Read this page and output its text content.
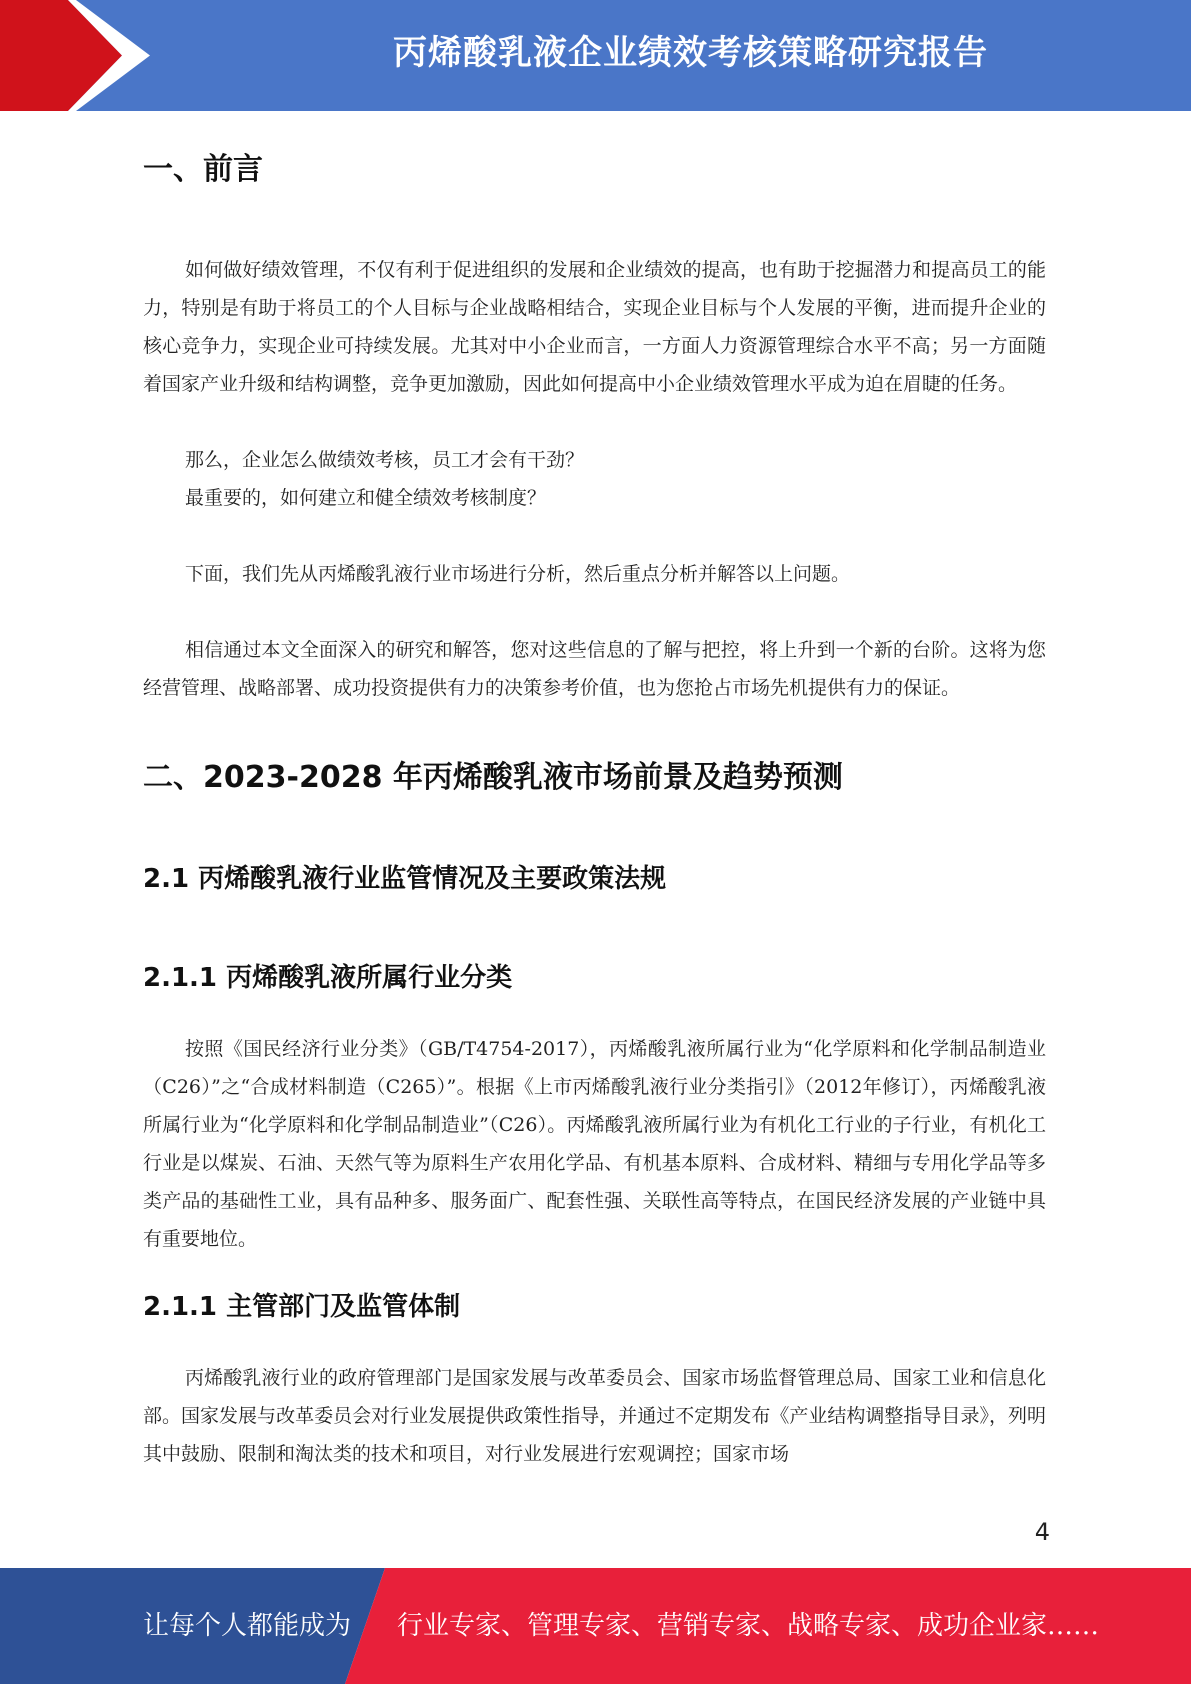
丙烯酸乳液企业绩效考核策略研究报告
一、前言

如何做好绩效管理，不仅有利于促进组织的发展和企业绩效的提高，也有助于挖掘潜力和提高员工的能力，特别是有助于将员工的个人目标与企业战略相结合，实现企业目标与个人发展的平衡，进而提升企业的核心竞争力，实现企业可持续发展。尤其对中小企业而言，一方面人力资源管理综合水平不高；另一方面随着国家产业升级和结构调整，竞争更加激励，因此如何提高中小企业绩效管理水平成为迫在眉睫的任务。

那么，企业怎么做绩效考核，员工才会有干劲？

最重要的，如何建立和健全绩效考核制度？

下面，我们先从丙烯酸乳液行业市场进行分析，然后重点分析并解答以上问题。

相信通过本文全面深入的研究和解答，您对这些信息的了解与把控，将上升到一个新的台阶。这将为您经营管理、战略部署、成功投资提供有力的决策参考价值，也为您抢占市场先机提供有力的保证。

二、2023-2028 年丙烯酸乳液市场前景及趋势预测
2.1 丙烯酸乳液行业监管情况及主要政策法规
2.1.1 丙烯酸乳液所属行业分类

按照《国民经济行业分类》（GB/T4754-2017），丙烯酸乳液所属行业为“化学原料和化学制品制造业（C26）”之“合成材料制造（C265）”。根据《上市丙烯酸乳液行业分类指引》（2012年修订），丙烯酸乳液所属行业为“化学原料和化学制品制造业”（C26）。丙烯酸乳液所属行业为有机化工行业的子行业，有机化工行业是以煤炭、石油、天然气等为原料生产农用化学品、有机基本原料、合成材料、精细与专用化学品等多类产品的基础性工业，具有品种多、服务面广、配套性强、关联性高等特点，在国民经济发展的产业链中具有重要地位。

2.1.1 主管部门及监管体制

丙烯酸乳液行业的政府管理部门是国家发展与改革委员会、国家市场监督管理总局、国家工业和信息化部。国家发展与改革委员会对行业发展提供政策性指导，并通过不定期发布《产业结构调整指导目录》，列明其中鼓励、限制和淘汰类的技术和项目，对行业发展进行宏观调控；国家市场

4
让每个人都能成为 行业专家、管理专家、营销专家、战略专家、成功企业家……
